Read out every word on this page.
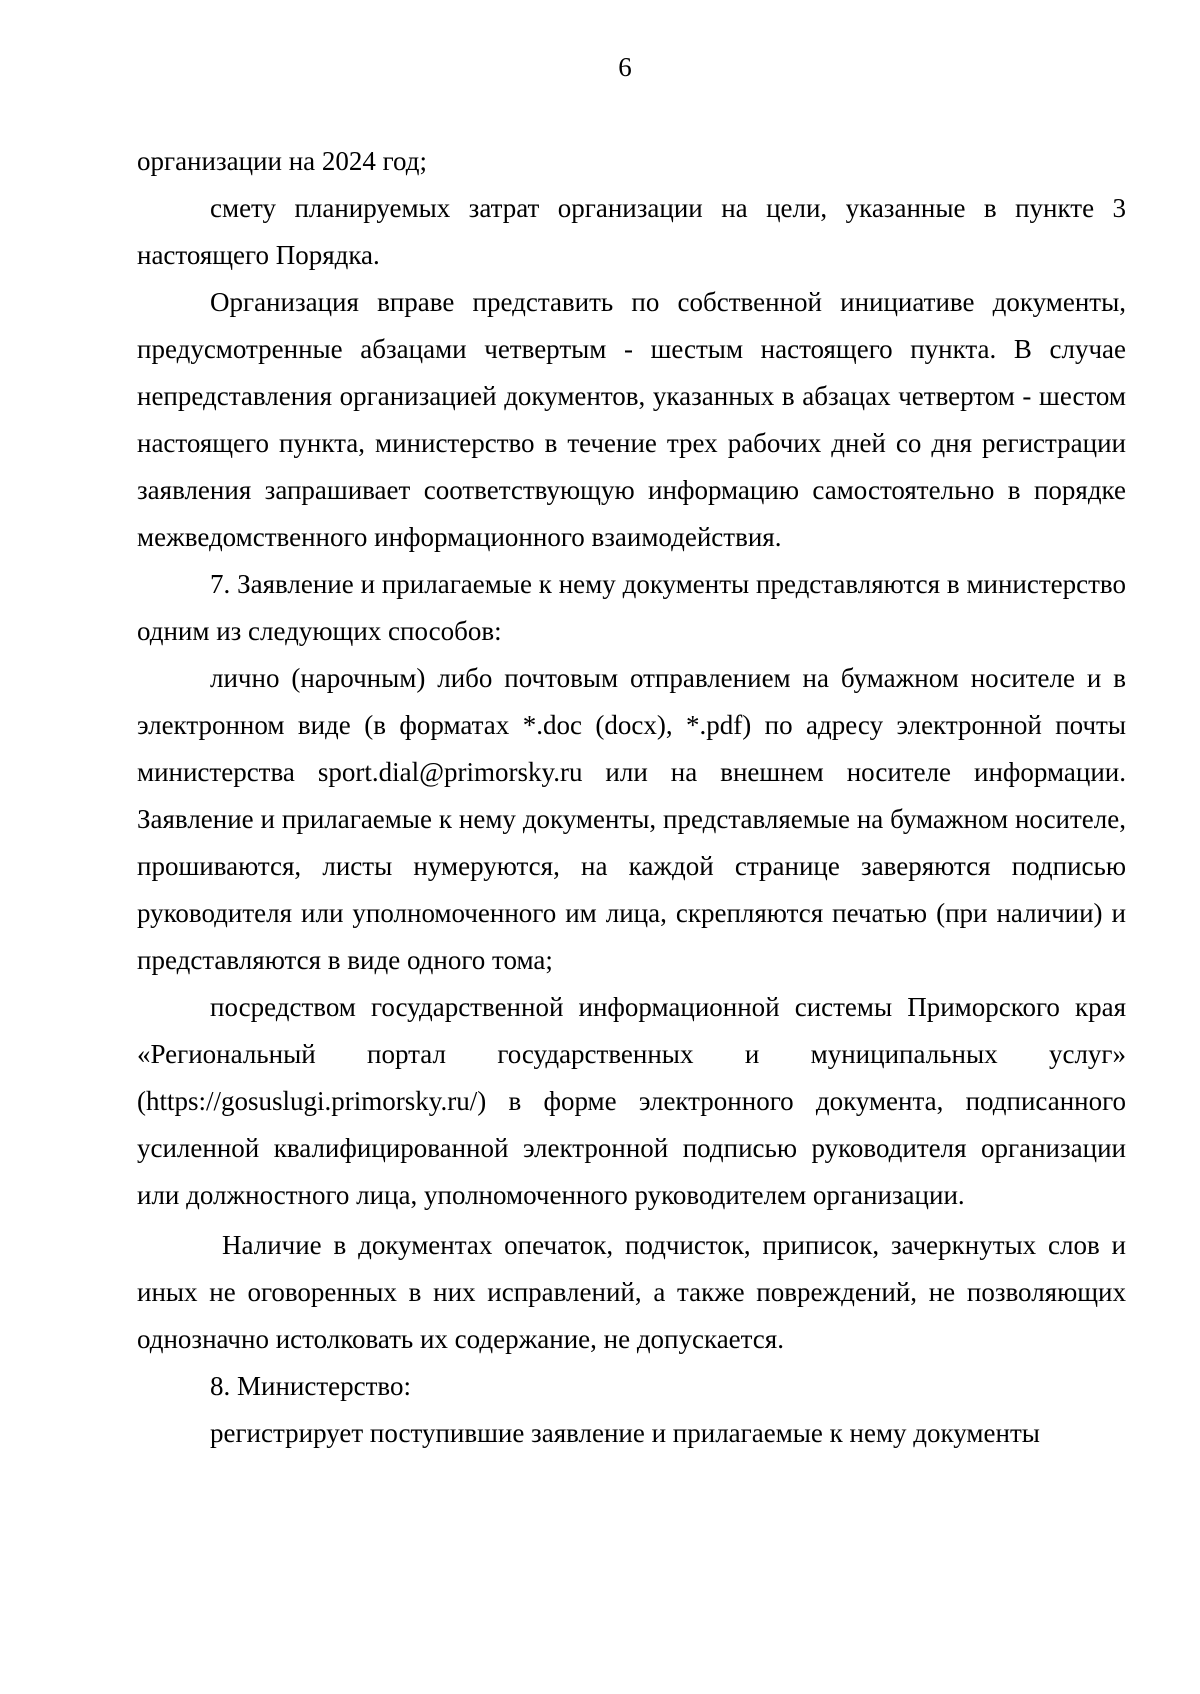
6

организации на 2024 год;

смету планируемых затрат организации на цели, указанные в пункте 3 настоящего Порядка.

Организация вправе представить по собственной инициативе документы, предусмотренные абзацами четвертым - шестым настоящего пункта. В случае непредставления организацией документов, указанных в абзацах четвертом - шестом настоящего пункта, министерство в течение трех рабочих дней со дня регистрации заявления запрашивает соответствующую информацию самостоятельно в порядке межведомственного информационного взаимодействия.

7. Заявление и прилагаемые к нему документы представляются в министерство одним из следующих способов:

лично (нарочным) либо почтовым отправлением на бумажном носителе и в электронном виде (в форматах *.doc (docx), *.pdf) по адресу электронной почты министерства sport.dial@primorsky.ru или на внешнем носителе информации. Заявление и прилагаемые к нему документы, представляемые на бумажном носителе, прошиваются, листы нумеруются, на каждой странице заверяются подписью руководителя или уполномоченного им лица, скрепляются печатью (при наличии) и представляются в виде одного тома;

посредством государственной информационной системы Приморского края «Региональный портал государственных и муниципальных услуг» (https://gosuslugi.primorsky.ru/) в форме электронного документа, подписанного усиленной квалифицированной электронной подписью руководителя организации или должностного лица, уполномоченного руководителем организации.

Наличие в документах опечаток, подчисток, приписок, зачеркнутых слов и иных не оговоренных в них исправлений, а также повреждений, не позволяющих однозначно истолковать их содержание, не допускается.

8. Министерство:

регистрирует поступившие заявление и прилагаемые к нему документы
